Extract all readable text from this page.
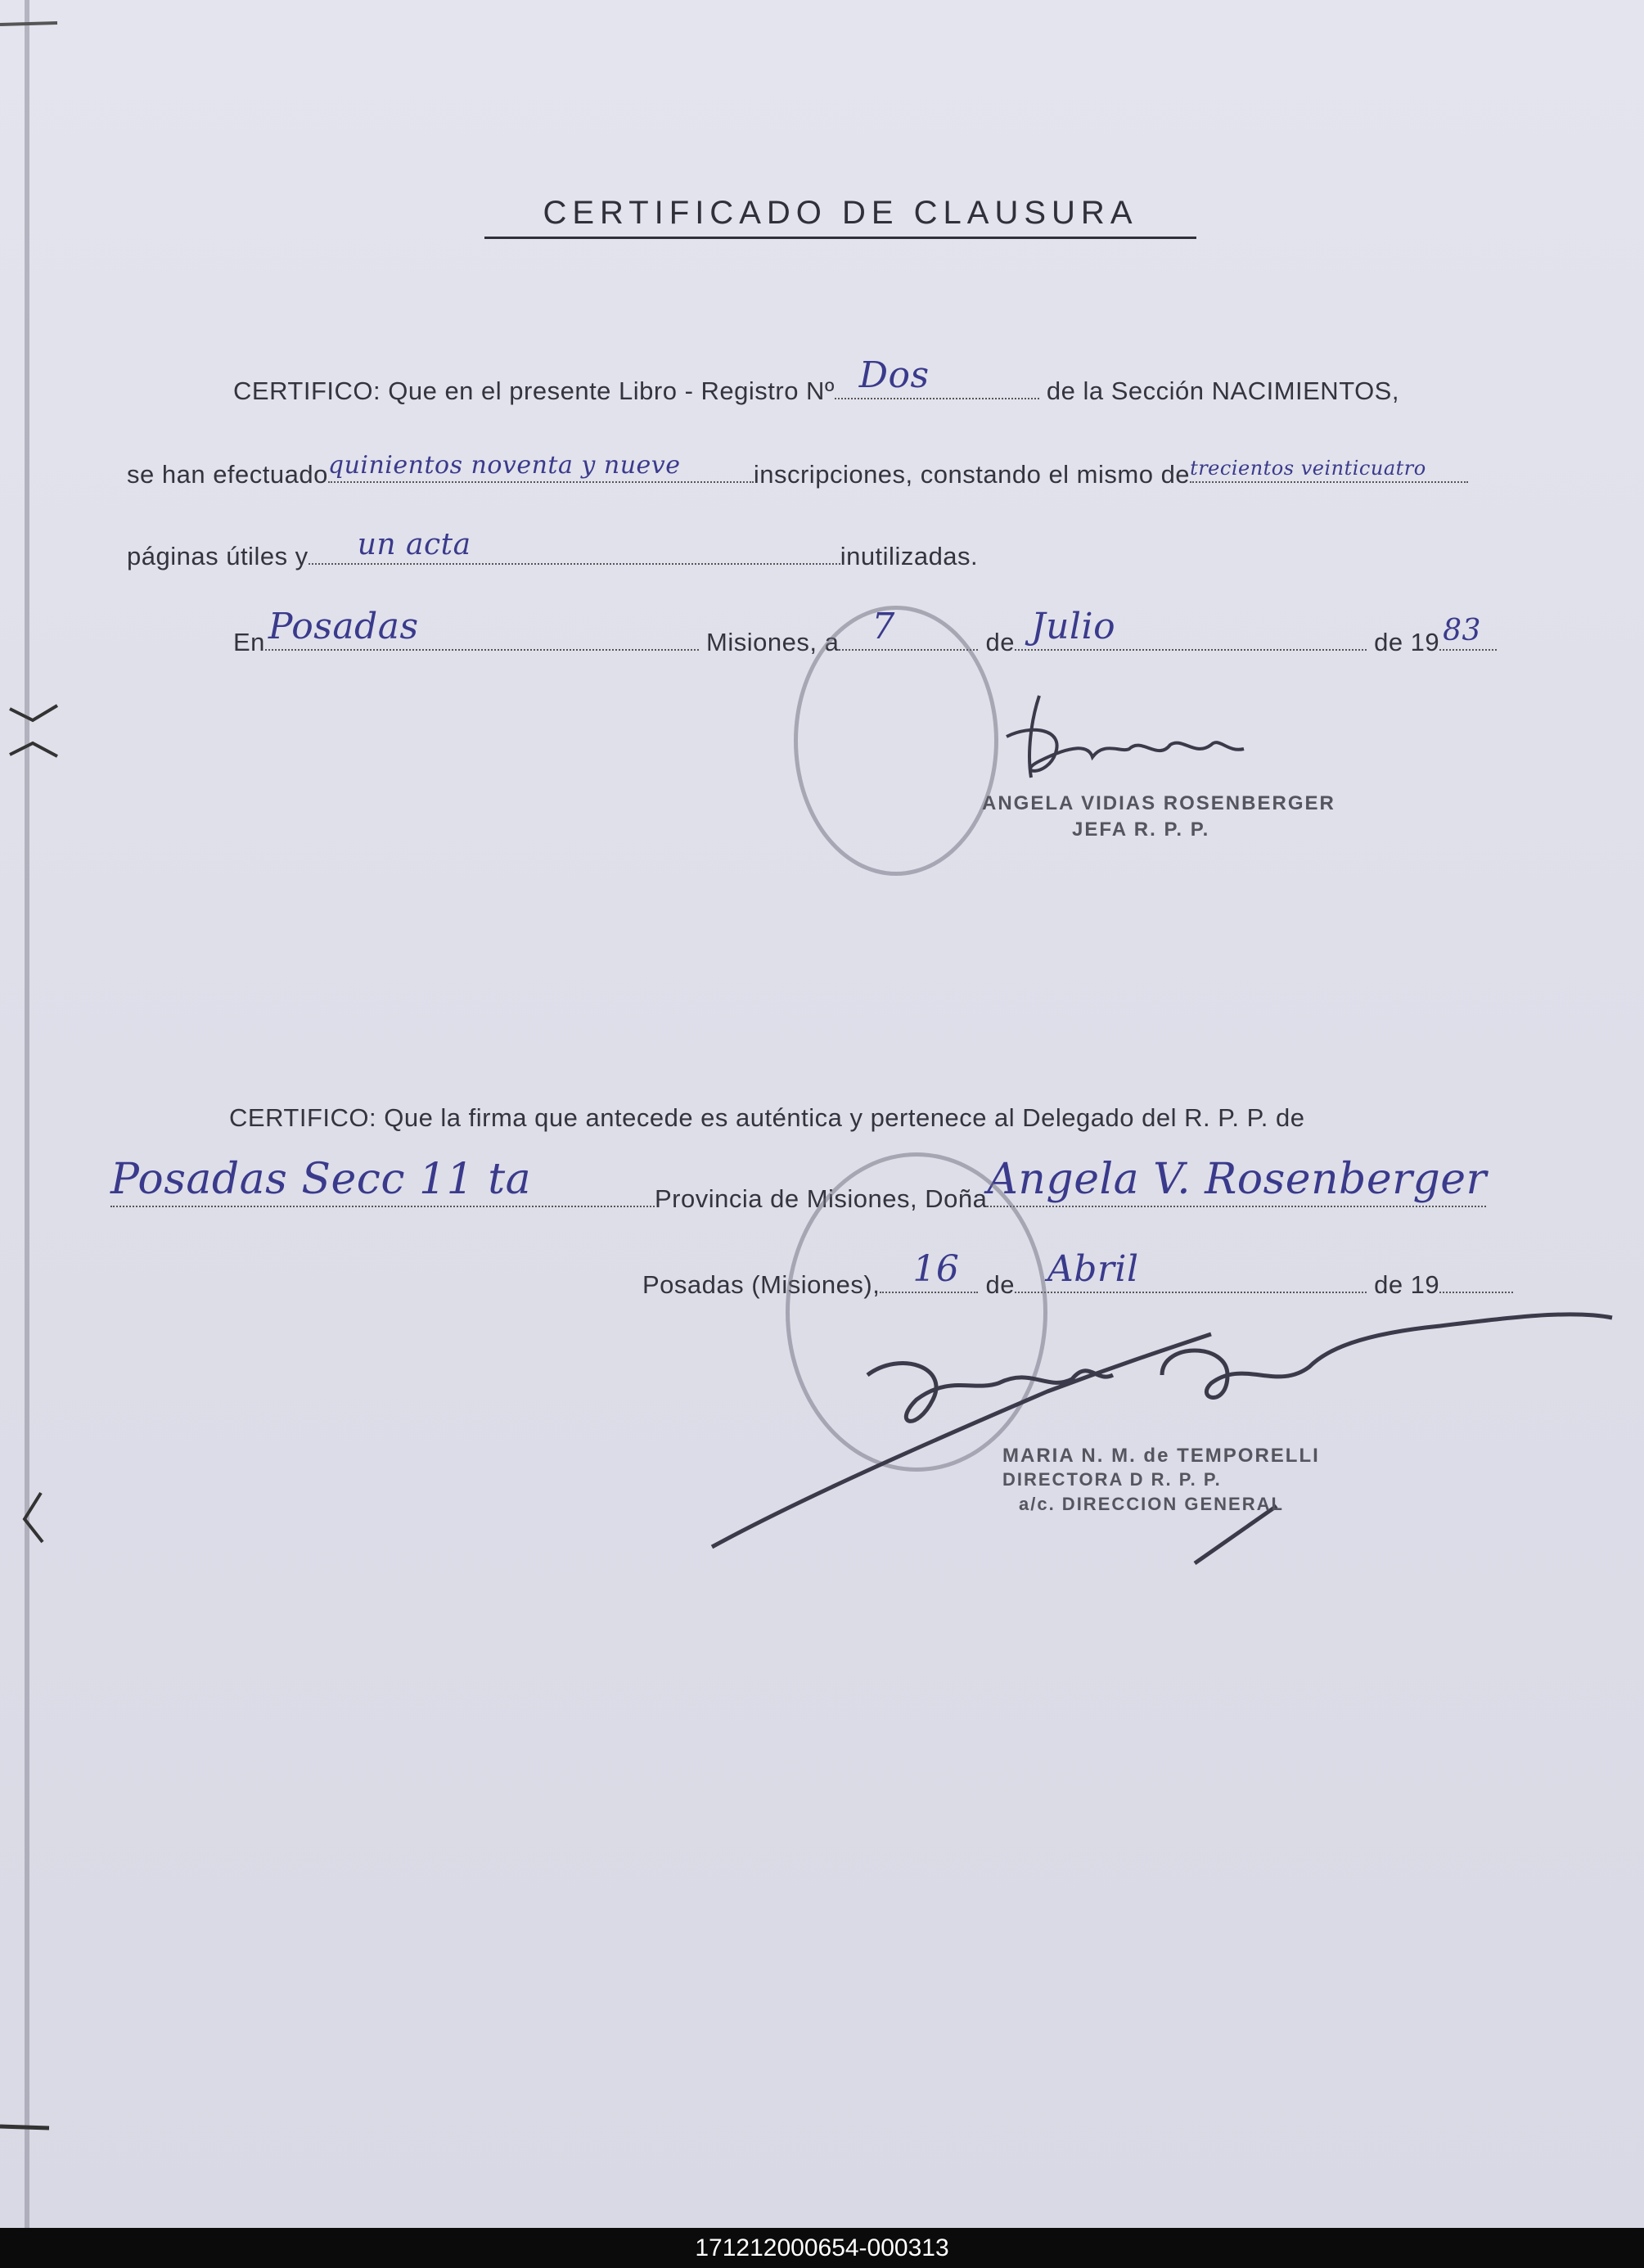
CERTIFICADO DE CLAUSURA
CERTIFICO: Que en el presente Libro - Registro Nº Dos	de la Sección NACIMIENTOS,
se han efectuado quinientos noventa y nueve	inscripciones, constando el mismo de trecientos veinticuatro
páginas útiles y un acta	inutilizadas.
En Posadas	Misiones, a 7	de Julio	de 19 83
ANGELA VIDIAS ROSENBERGER
JEFA R. P. P.
CERTIFICO: Que la firma que antecede es auténtica y pertenece al Delegado del R. P. P. de
Posadas Secc 11 ta	Provincia de Misiones, Doña Angela V. Rosenberger
Posadas (Misiones), 16 de Abril	de 19
MARIA N. M. de TEMPORELLI
DIRECTORA D R. P. P.
a/c. DIRECCION GENERAL
171212000654-000313
